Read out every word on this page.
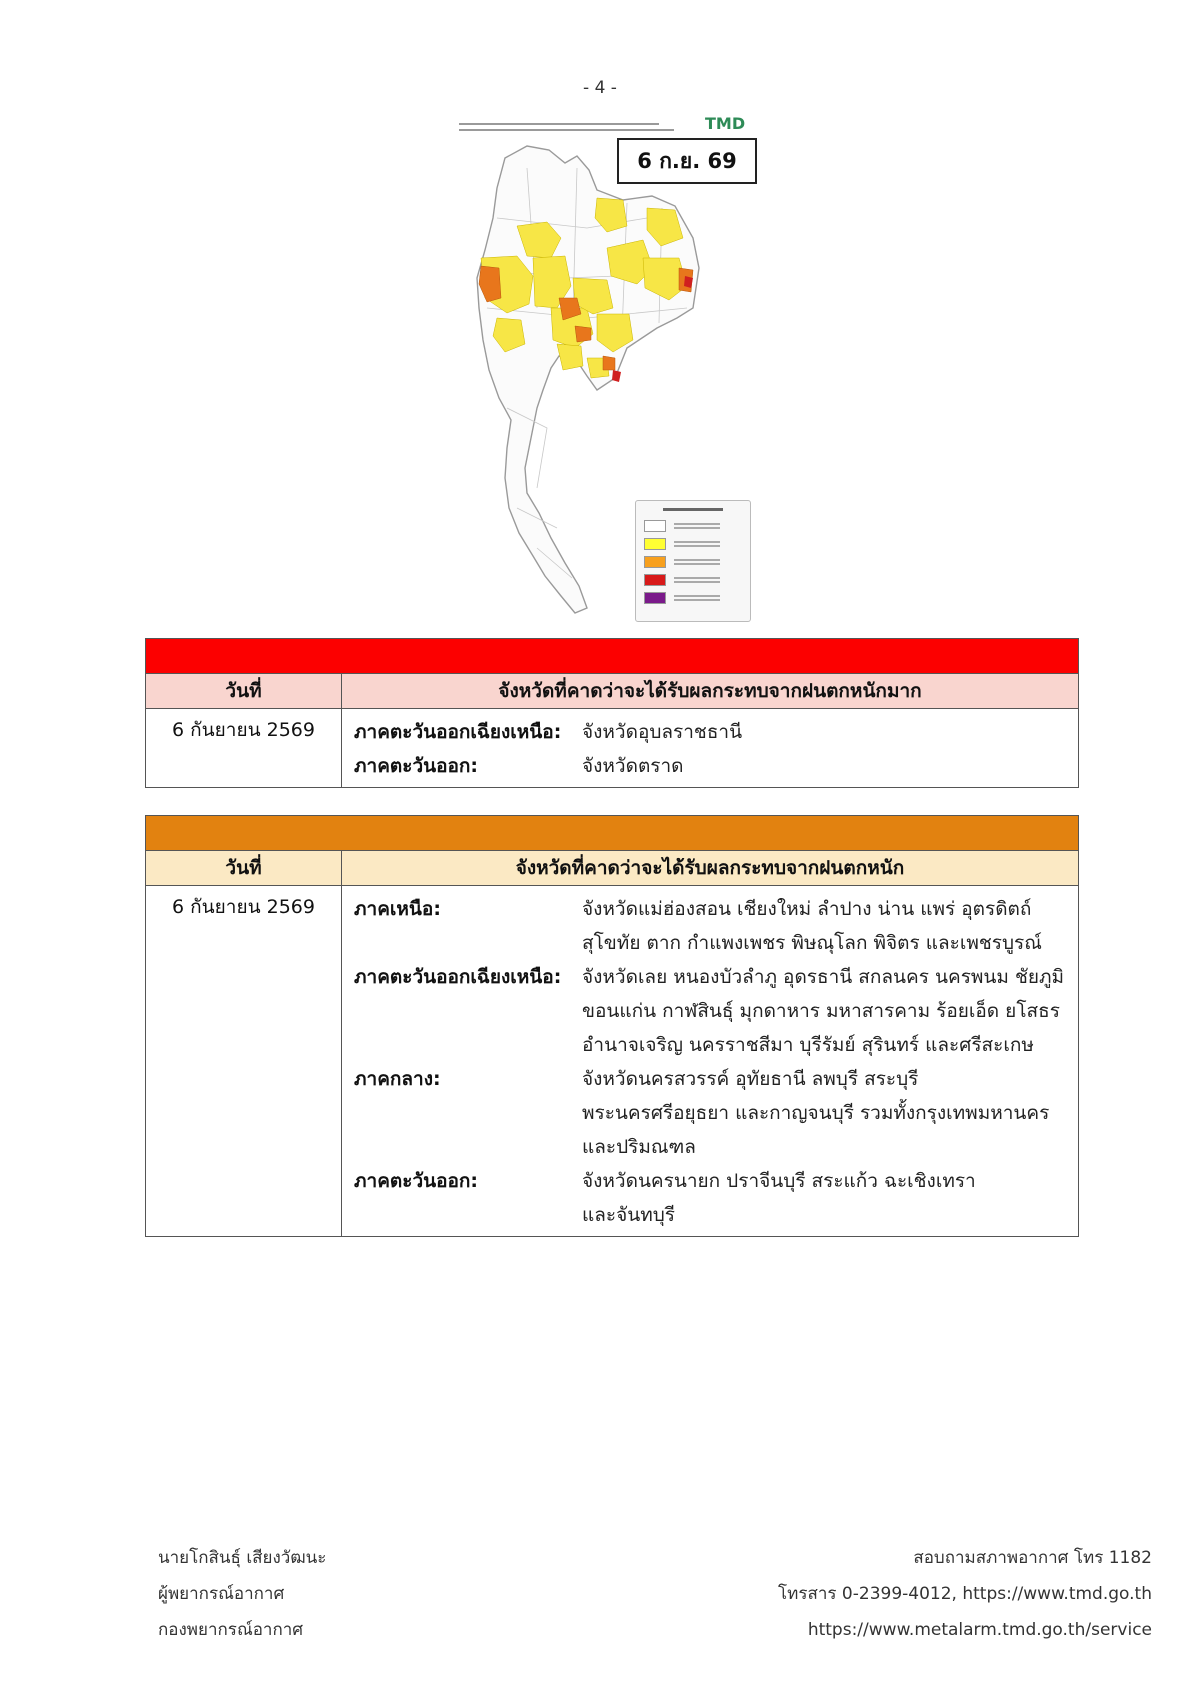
- 4 -
TMD
6 ก.ย. 69
วันที่	จังหวัดที่คาดว่าจะได้รับผลกระทบจากฝนตกหนักมาก
6 กันยายน 2569	ภาคตะวันออกเฉียงเหนือ:	จังหวัดอุบลราชธานี
ภาคตะวันออก:	จังหวัดตราด
วันที่	จังหวัดที่คาดว่าจะได้รับผลกระทบจากฝนตกหนัก
6 กันยายน 2569	ภาคเหนือ:	จังหวัดแม่ฮ่องสอน เชียงใหม่ ลำปาง น่าน แพร่ อุตรดิตถ์
สุโขทัย ตาก กำแพงเพชร พิษณุโลก พิจิตร และเพชรบูรณ์
ภาคตะวันออกเฉียงเหนือ:	จังหวัดเลย หนองบัวลำภู อุดรธานี สกลนคร นครพนม ชัยภูมิ
ขอนแก่น กาฬสินธุ์ มุกดาหาร มหาสารคาม ร้อยเอ็ด ยโสธร
อำนาจเจริญ นครราชสีมา บุรีรัมย์ สุรินทร์ และศรีสะเกษ
ภาคกลาง:	จังหวัดนครสวรรค์ อุทัยธานี ลพบุรี สระบุรี
พระนครศรีอยุธยา และกาญจนบุรี รวมทั้งกรุงเทพมหานคร
และปริมณฑล
ภาคตะวันออก:	จังหวัดนครนายก ปราจีนบุรี สระแก้ว ฉะเชิงเทรา
และจันทบุรี
นายโกสินธุ์ เสียงวัฒนะ
ผู้พยากรณ์อากาศ
กองพยากรณ์อากาศ
สอบถามสภาพอากาศ โทร 1182
โทรสาร 0-2399-4012, https://www.tmd.go.th
https://www.metalarm.tmd.go.th/service
